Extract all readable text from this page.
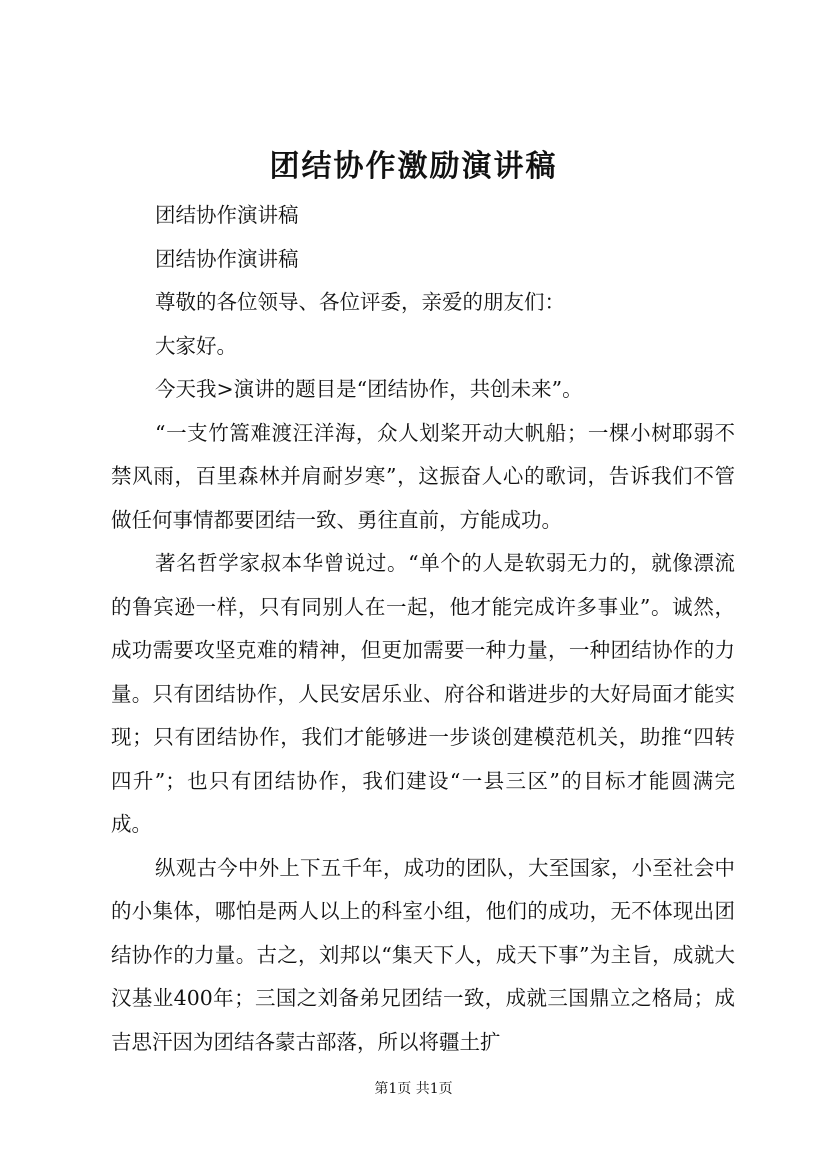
团结协作激励演讲稿

团结协作演讲稿

团结协作演讲稿

尊敬的各位领导、各位评委，亲爱的朋友们：

大家好。

今天我>演讲的题目是“团结协作，共创未来”。

“一支竹篙难渡汪洋海，众人划桨开动大帆船；一棵小树耶弱不禁风雨，百里森林并肩耐岁寒”，这振奋人心的歌词，告诉我们不管做任何事情都要团结一致、勇往直前，方能成功。

著名哲学家叔本华曾说过。“单个的人是软弱无力的，就像漂流的鲁宾逊一样，只有同别人在一起，他才能完成许多事业”。诚然，成功需要攻坚克难的精神，但更加需要一种力量，一种团结协作的力量。只有团结协作，人民安居乐业、府谷和谐进步的大好局面才能实现；只有团结协作，我们才能够进一步谈创建模范机关，助推“四转四升”；也只有团结协作，我们建设“一县三区”的目标才能圆满完成。

纵观古今中外上下五千年，成功的团队，大至国家，小至社会中的小集体，哪怕是两人以上的科室小组，他们的成功，无不体现出团结协作的力量。古之，刘邦以“集天下人，成天下事”为主旨，成就大汉基业400年；三国之刘备弟兄团结一致，成就三国鼎立之格局；成吉思汗因为团结各蒙古部落，所以将疆土扩

第1页 共1页
